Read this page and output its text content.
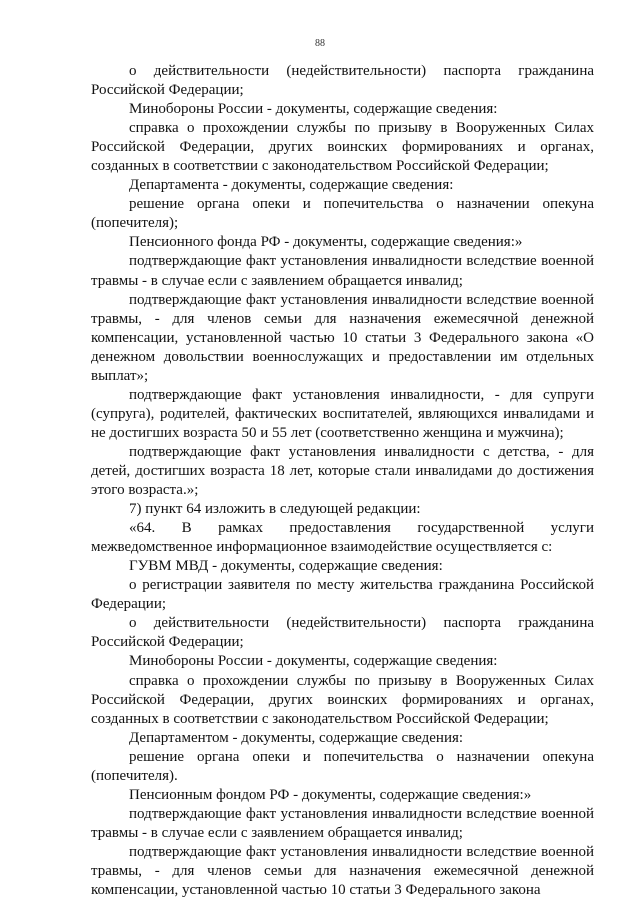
88

о действительности (недействительности) паспорта гражданина Российской Федерации;

Минобороны России - документы, содержащие сведения:

справка о прохождении службы по призыву в Вооруженных Силах Российской Федерации, других воинских формированиях и органах, созданных в соответствии с законодательством Российской Федерации;

Департамента - документы, содержащие сведения:

решение органа опеки и попечительства о назначении опекуна (попечителя);

Пенсионного фонда РФ - документы, содержащие сведения:»

подтверждающие факт установления инвалидности вследствие военной травмы - в случае если с заявлением обращается инвалид;

подтверждающие факт установления инвалидности вследствие военной травмы, - для членов семьи для назначения ежемесячной денежной компенсации, установленной частью 10 статьи 3 Федерального закона «О денежном довольствии военнослужащих и предоставлении им отдельных выплат»;

подтверждающие факт установления инвалидности, - для супруги (супруга), родителей, фактических воспитателей, являющихся инвалидами и не достигших возраста 50 и 55 лет (соответственно женщина и мужчина);

подтверждающие факт установления инвалидности с детства, - для детей, достигших возраста 18 лет, которые стали инвалидами до достижения этого возраста.»;

7) пункт 64 изложить в следующей редакции:

«64. В рамках предоставления государственной услуги межведомственное информационное взаимодействие осуществляется с:

ГУВМ МВД - документы, содержащие сведения:

о регистрации заявителя по месту жительства гражданина Российской Федерации;

о действительности (недействительности) паспорта гражданина Российской Федерации;

Минобороны России - документы, содержащие сведения:

справка о прохождении службы по призыву в Вооруженных Силах Российской Федерации, других воинских формированиях и органах, созданных в соответствии с законодательством Российской Федерации;

Департаментом - документы, содержащие сведения:

решение органа опеки и попечительства о назначении опекуна (попечителя).

Пенсионным фондом РФ - документы, содержащие сведения:»

подтверждающие факт установления инвалидности вследствие военной травмы - в случае если с заявлением обращается инвалид;

подтверждающие факт установления инвалидности вследствие военной травмы, - для членов семьи для назначения ежемесячной денежной компенсации, установленной частью 10 статьи 3 Федерального закона
